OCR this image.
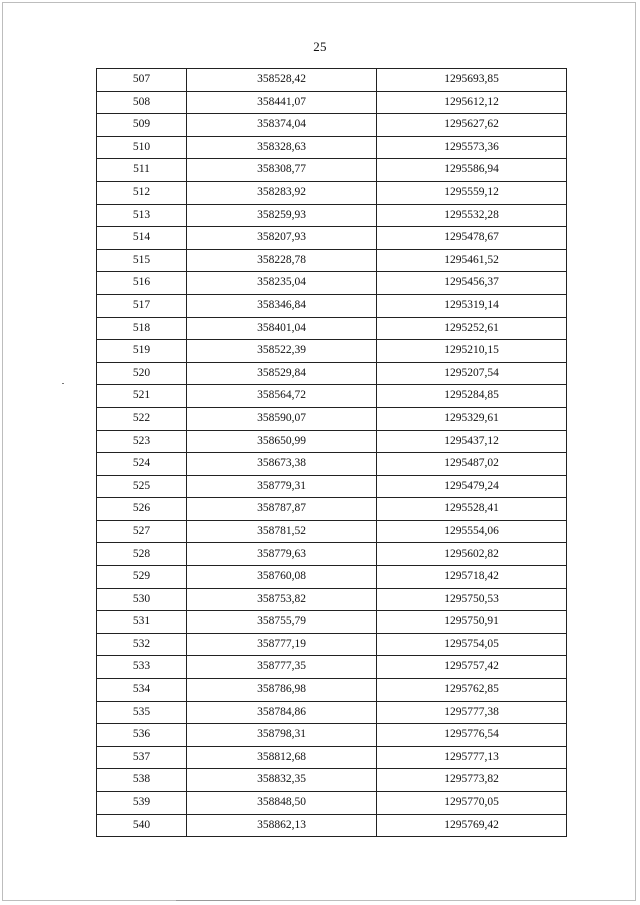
25
507	358528,42	1295693,85
508	358441,07	1295612,12
509	358374,04	1295627,62
510	358328,63	1295573,36
511	358308,77	1295586,94
512	358283,92	1295559,12
513	358259,93	1295532,28
514	358207,93	1295478,67
515	358228,78	1295461,52
516	358235,04	1295456,37
517	358346,84	1295319,14
518	358401,04	1295252,61
519	358522,39	1295210,15
520	358529,84	1295207,54
521	358564,72	1295284,85
522	358590,07	1295329,61
523	358650,99	1295437,12
524	358673,38	1295487,02
525	358779,31	1295479,24
526	358787,87	1295528,41
527	358781,52	1295554,06
528	358779,63	1295602,82
529	358760,08	1295718,42
530	358753,82	1295750,53
531	358755,79	1295750,91
532	358777,19	1295754,05
533	358777,35	1295757,42
534	358786,98	1295762,85
535	358784,86	1295777,38
536	358798,31	1295776,54
537	358812,68	1295777,13
538	358832,35	1295773,82
539	358848,50	1295770,05
540	358862,13	1295769,42
